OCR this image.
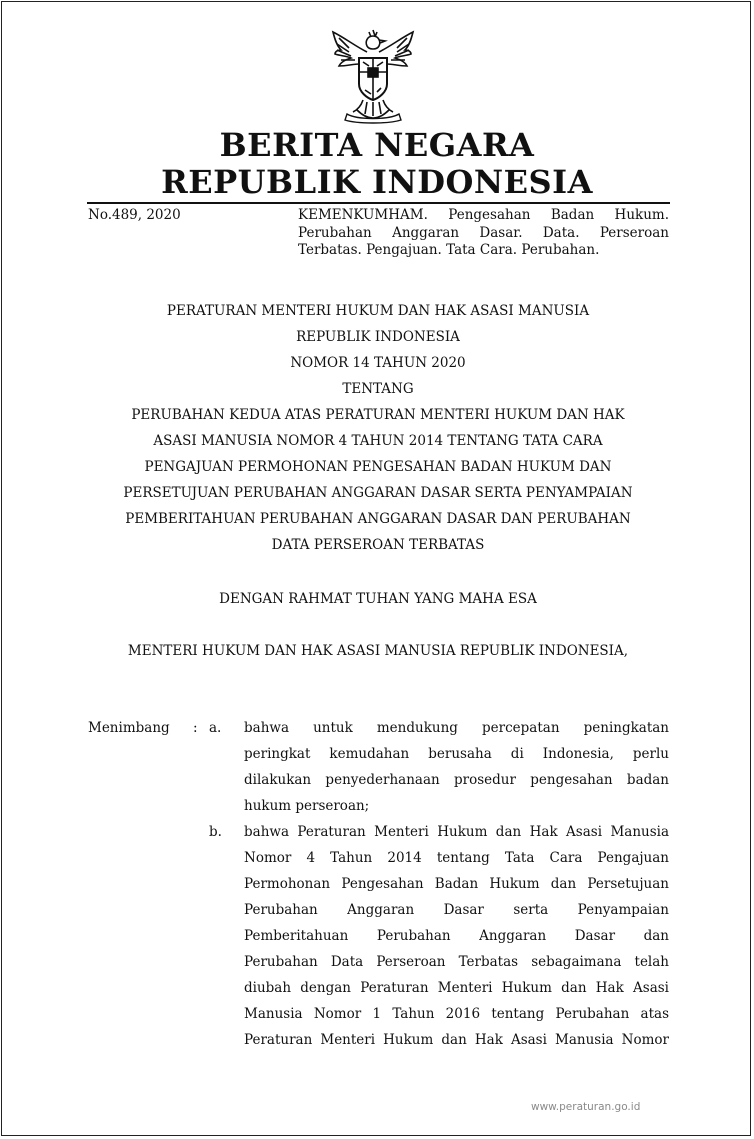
BERITA NEGARA
REPUBLIK INDONESIA
No.489, 2020	KEMENKUMHAM. Pengesahan Badan Hukum.
Perubahan Anggaran Dasar. Data. Perseroan
Terbatas. Pengajuan. Tata Cara. Perubahan.
PERATURAN MENTERI HUKUM DAN HAK ASASI MANUSIA
REPUBLIK INDONESIA
NOMOR 14 TAHUN 2020
TENTANG
PERUBAHAN KEDUA ATAS PERATURAN MENTERI HUKUM DAN HAK
ASASI MANUSIA NOMOR 4 TAHUN 2014 TENTANG TATA CARA
PENGAJUAN PERMOHONAN PENGESAHAN BADAN HUKUM DAN
PERSETUJUAN PERUBAHAN ANGGARAN DASAR SERTA PENYAMPAIAN
PEMBERITAHUAN PERUBAHAN ANGGARAN DASAR DAN PERUBAHAN
DATA PERSEROAN TERBATAS
DENGAN RAHMAT TUHAN YANG MAHA ESA
MENTERI HUKUM DAN HAK ASASI MANUSIA REPUBLIK INDONESIA,
Menimbang : a. bahwa untuk mendukung percepatan peningkatan
peringkat kemudahan berusaha di Indonesia, perlu
dilakukan penyederhanaan prosedur pengesahan badan
hukum perseroan;
b. bahwa Peraturan Menteri Hukum dan Hak Asasi Manusia
Nomor 4 Tahun 2014 tentang Tata Cara Pengajuan
Permohonan Pengesahan Badan Hukum dan Persetujuan
Perubahan Anggaran Dasar serta Penyampaian
Pemberitahuan Perubahan Anggaran Dasar dan
Perubahan Data Perseroan Terbatas sebagaimana telah
diubah dengan Peraturan Menteri Hukum dan Hak Asasi
Manusia Nomor 1 Tahun 2016 tentang Perubahan atas
Peraturan Menteri Hukum dan Hak Asasi Manusia Nomor
www.peraturan.go.id
